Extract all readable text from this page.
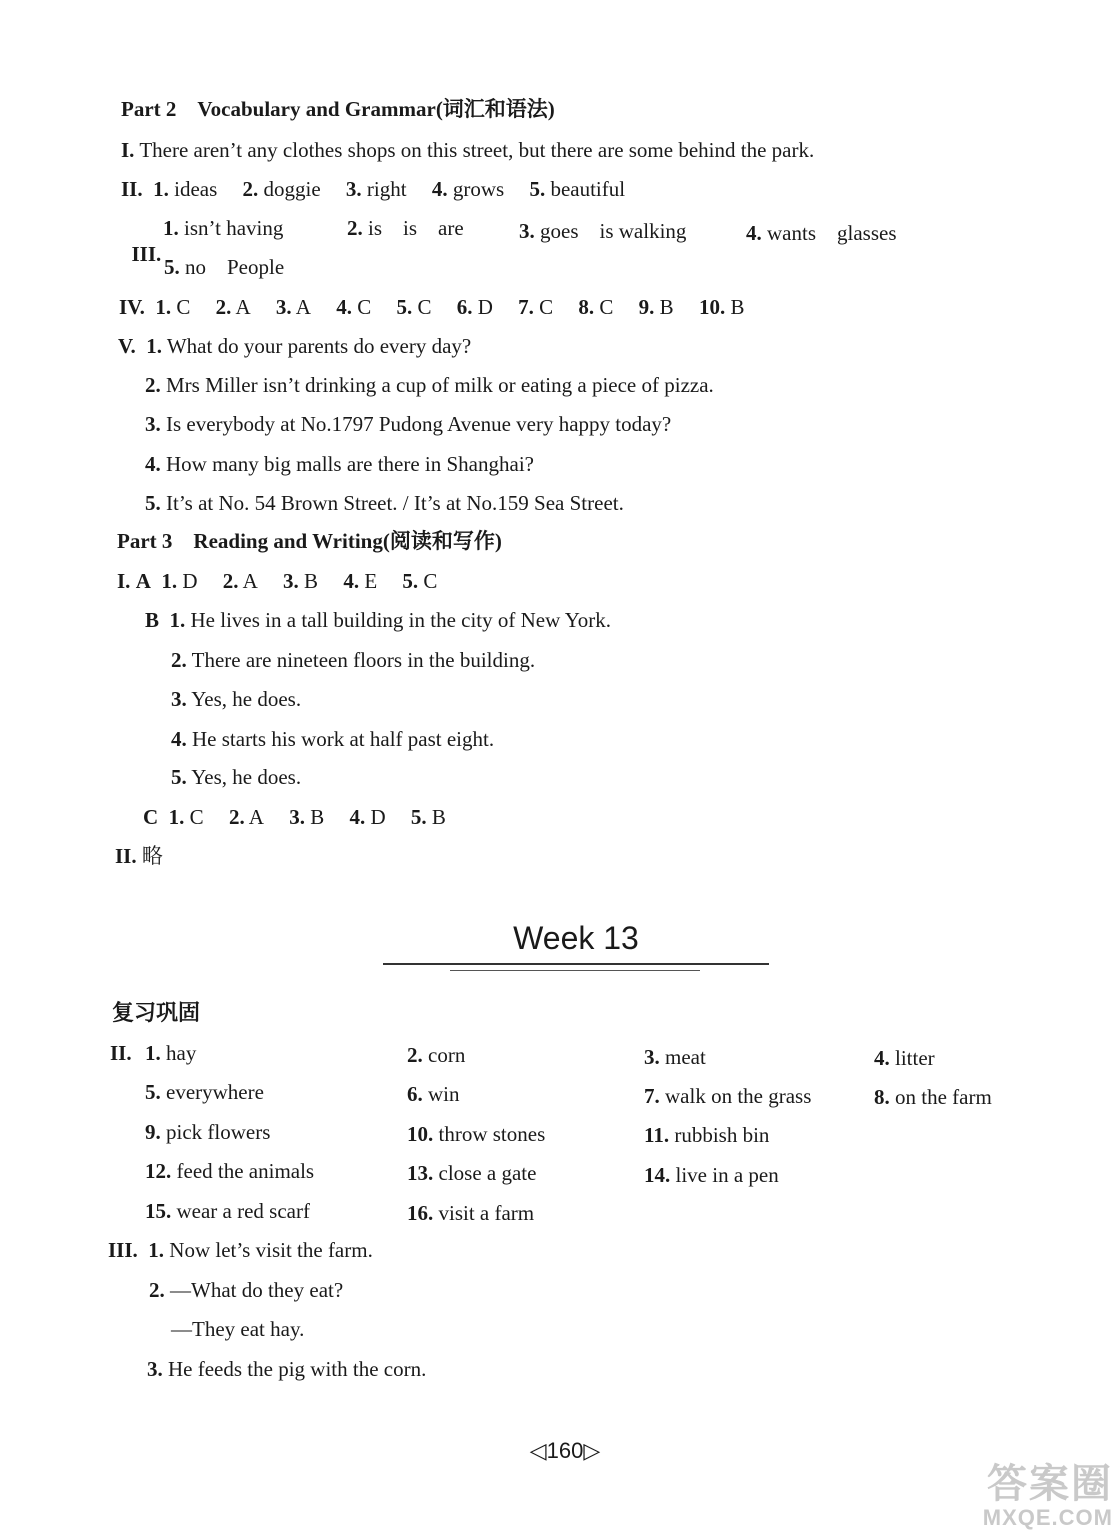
Part 2 Vocabulary and Grammar(词汇和语法)
I. There aren’t any clothes shops on this street, but there are some behind the park.
II. 1. ideas 2. doggie 3. right 4. grows 5. beautiful

III.

1. isn’t having	2. is    is    are	3. goes    is walking	4. wants    glasses
5. no    People
IV. 1. C 2. A 3. A 4. C 5. C 6. D 7. C 8. C 9. B 10. B
V. 1. What do your parents do every day?
2. Mrs Miller isn’t drinking a cup of milk or eating a piece of pizza.
3. Is everybody at No.1797 Pudong Avenue very happy today?
4. How many big malls are there in Shanghai?
5. It’s at No. 54 Brown Street. / It’s at No.159 Sea Street.
Part 3 Reading and Writing(阅读和写作)
I. A 1. D 2. A 3. B 4. E 5. C
B 1. He lives in a tall building in the city of New York.
2. There are nineteen floors in the building.
3. Yes, he does.
4. He starts his work at half past eight.
5. Yes, he does.
C 1. C 2. A 3. B 4. D 5. B
II. 略
Week 13
复习巩固
II. 1. hay	2. corn	3. meat	4. litter
5. everywhere	6. win	7. walk on the grass	8. on the farm
9. pick flowers	10. throw stones	11. rubbish bin
12. feed the animals	13. close a gate	14. live in a pen
15. wear a red scarf	16. visit a farm
III. 1. Now let’s visit the farm.
2. —What do they eat?
—They eat hay.
3. He feeds the pig with the corn.
◁160▷
答案圈
MXQE.COM
